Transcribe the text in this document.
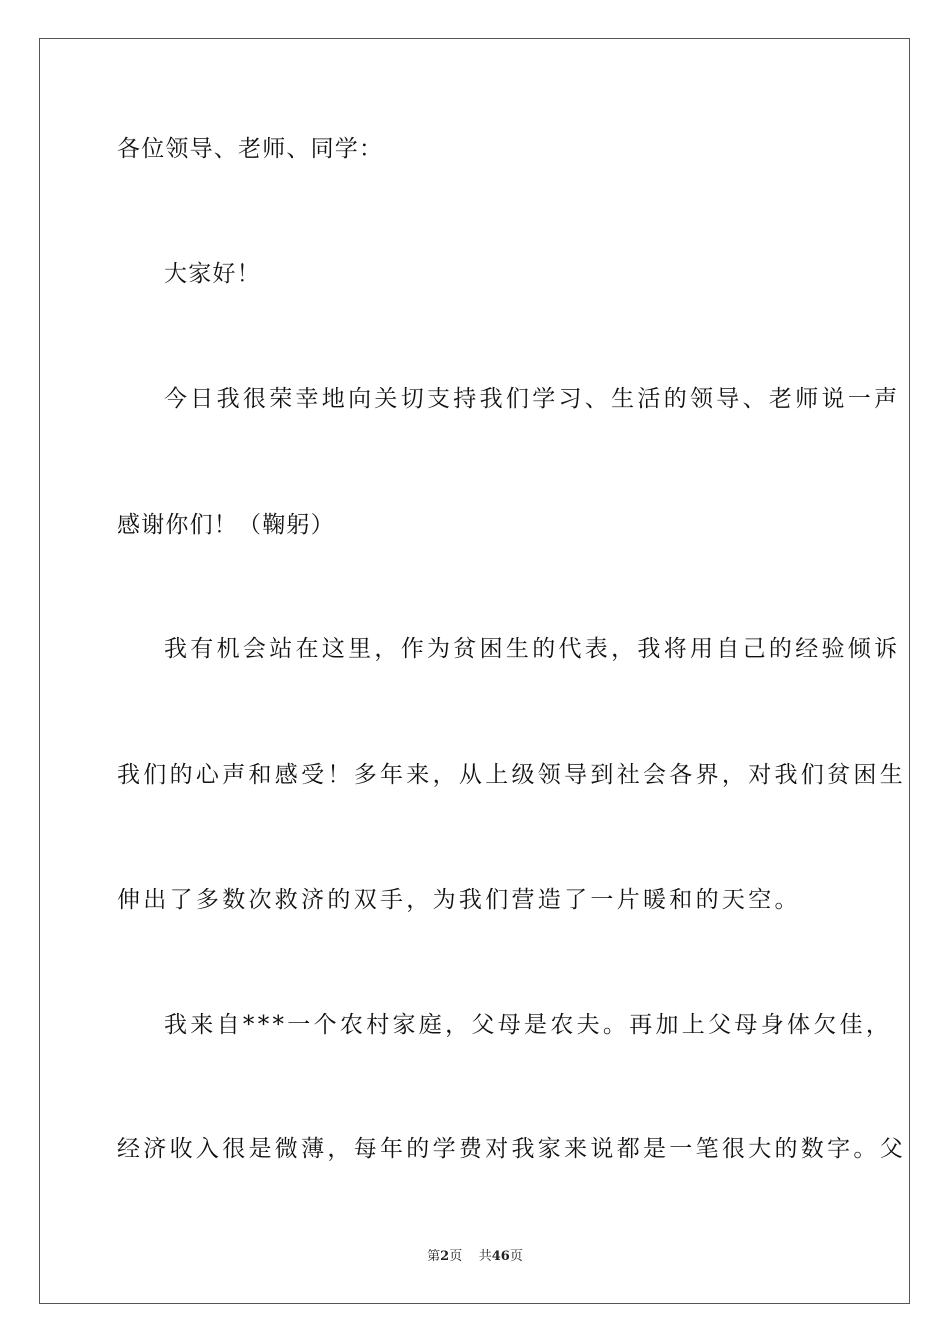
各位领导、老师、同学：
大家好！
今日我很荣幸地向关切支持我们学习、生活的领导、老师说一声
感谢你们！（鞠躬）
我有机会站在这里，作为贫困生的代表，我将用自己的经验倾诉
我们的心声和感受！多年来，从上级领导到社会各界，对我们贫困生
伸出了多数次救济的双手，为我们营造了一片暖和的天空。
我来自***一个农村家庭，父母是农夫。再加上父母身体欠佳，
经济收入很是微薄，每年的学费对我家来说都是一笔很大的数字。父
第2页 共46页
